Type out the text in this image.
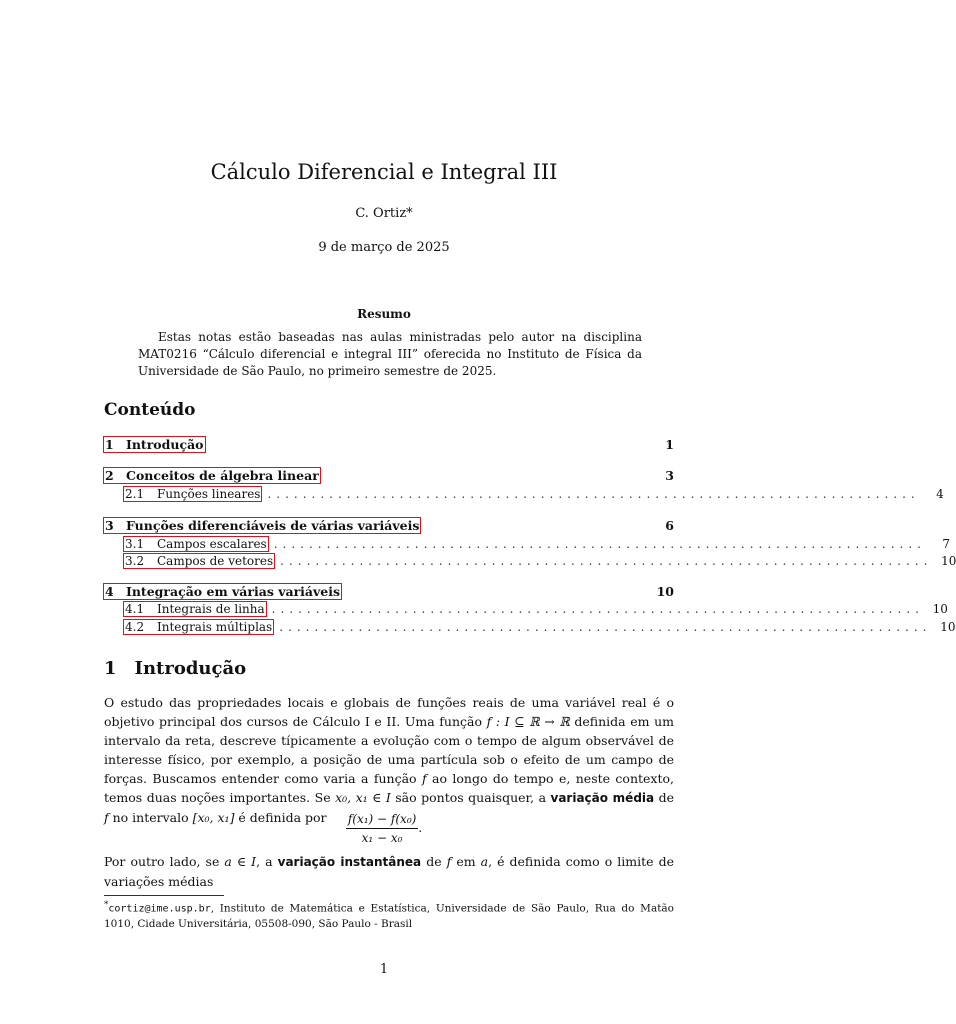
Cálculo Diferencial e Integral III
C. Ortiz*
9 de março de 2025
Resumo
Estas notas estão baseadas nas aulas ministradas pelo autor na disciplina MAT0216 “Cálculo diferencial e integral III” oferecida no Instituto de Física da Universidade de São Paulo, no primeiro semestre de 2025.
Conteúdo
1 Introdução	1
2 Conceitos de álgebra linear	3
2.1 Funções lineares ..........................................................................	4
3 Funções diferenciáveis de várias variáveis	6
3.1 Campos escalares ..........................................................................	7
3.2 Campos de vetores .......................................................................... 10
4 Integração em várias variáveis	10
4.1 Integrais de linha .......................................................................... 10
4.2 Integrais múltiplas .......................................................................... 10
1 Introdução
O estudo das propriedades locais e globais de funções reais de uma variável real é o objetivo principal dos cursos de Cálculo I e II. Uma função f : I ⊆ ℝ → ℝ definida em um intervalo da reta, descreve típicamente a evolução com o tempo de algum observável de interesse físico, por exemplo, a posição de uma partícula sob o efeito de um campo de forças. Buscamos entender como varia a função f ao longo do tempo e, neste contexto, temos duas noções importantes. Se x₀, x₁ ∈ I são pontos quaisquer, a variação média de f no intervalo [x₀, x₁] é definida por	$\frac{\text{f(x₁) − f(x₀)}}{\text{x₁ − x₀}}$ .
Por outro lado, se a ∈ I, a variação instantânea de f em a, é definida como o limite de variações médias
*cortiz@ime.usp.br, Instituto de Matemática e Estatística, Universidade de São Paulo, Rua do Matão 1010, Cidade Universitária, 05508-090, São Paulo - Brasil
1
